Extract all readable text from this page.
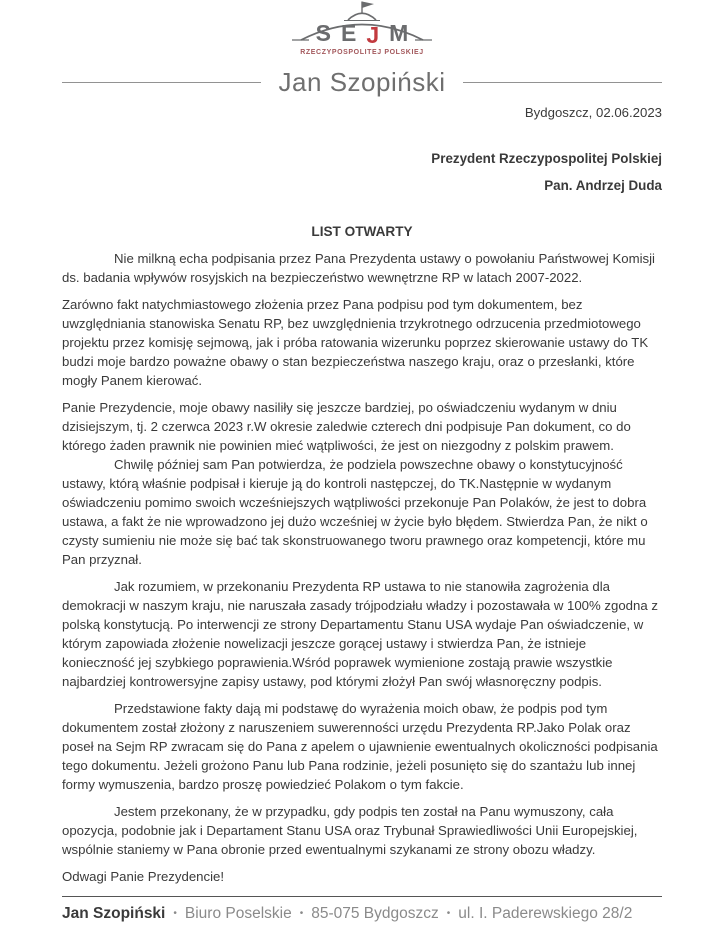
SEJM
RZECZYPOSPOLITEJ POLSKIEJ
Jan Szopiński
Bydgoszcz, 02.06.2023
Prezydent Rzeczypospolitej Polskiej
Pan. Andrzej Duda
LIST OTWARTY

Nie milkną echa podpisania przez Pana Prezydenta ustawy o powołaniu Państwowej Komisji ds. badania wpływów rosyjskich na bezpieczeństwo wewnętrzne RP w latach 2007-2022.

Zarówno fakt natychmiastowego złożenia przez Pana podpisu pod tym dokumentem, bez uwzględniania stanowiska Senatu RP, bez uwzględnienia trzykrotnego odrzucenia przedmiotowego projektu przez komisję sejmową, jak i próba ratowania wizerunku poprzez skierowanie ustawy do TK budzi moje bardzo poważne obawy o stan bezpieczeństwa naszego kraju, oraz o przesłanki, które mogły Panem kierować.

Panie Prezydencie, moje obawy nasiliły się jeszcze bardziej, po oświadczeniu wydanym w dniu dzisiejszym, tj. 2 czerwca 2023 r.W okresie zaledwie czterech dni podpisuje Pan dokument, co do którego żaden prawnik nie powinien mieć wątpliwości, że jest on niezgodny z polskim prawem.

Chwilę później sam Pan potwierdza, że podziela powszechne obawy o konstytucyjność ustawy, którą właśnie podpisał i kieruje ją do kontroli następczej, do TK.Następnie w wydanym oświadczeniu pomimo swoich wcześniejszych wątpliwości przekonuje Pan Polaków, że jest to dobra ustawa, a fakt że nie wprowadzono jej dużo wcześniej w życie było błędem. Stwierdza Pan, że nikt o czysty sumieniu nie może się bać tak skonstruowanego tworu prawnego oraz kompetencji, które mu Pan przyznał.

Jak rozumiem, w przekonaniu Prezydenta RP ustawa to nie stanowiła zagrożenia dla demokracji w naszym kraju, nie naruszała zasady trójpodziału władzy i pozostawała w 100% zgodna z polską konstytucją. Po interwencji ze strony Departamentu Stanu USA wydaje Pan oświadczenie, w którym zapowiada złożenie nowelizacji jeszcze gorącej ustawy i stwierdza Pan, że istnieje konieczność jej szybkiego poprawienia.Wśród poprawek wymienione zostają prawie wszystkie najbardziej kontrowersyjne zapisy ustawy, pod którymi złożył Pan swój własnoręczny podpis.

Przedstawione fakty dają mi podstawę do wyrażenia moich obaw, że podpis pod tym dokumentem został złożony z naruszeniem suwerenności urzędu Prezydenta RP.Jako Polak oraz poseł na Sejm RP zwracam się do Pana z apelem o ujawnienie ewentualnych okoliczności podpisania tego dokumentu. Jeżeli grożono Panu lub Pana rodzinie, jeżeli posunięto się do szantażu lub innej formy wymuszenia, bardzo proszę powiedzieć Polakom o tym fakcie.

Jestem przekonany, że w przypadku, gdy podpis ten został na Panu wymuszony, cała opozycja, podobnie jak i Departament Stanu USA oraz Trybunał Sprawiedliwości Unii Europejskiej, wspólnie staniemy w Pana obronie przed ewentualnymi szykanami ze strony obozu władzy.

Odwagi Panie Prezydencie!

Jan Szopiński • Biuro Poselskie • 85-075 Bydgoszcz • ul. I. Paderewskiego 28/2
